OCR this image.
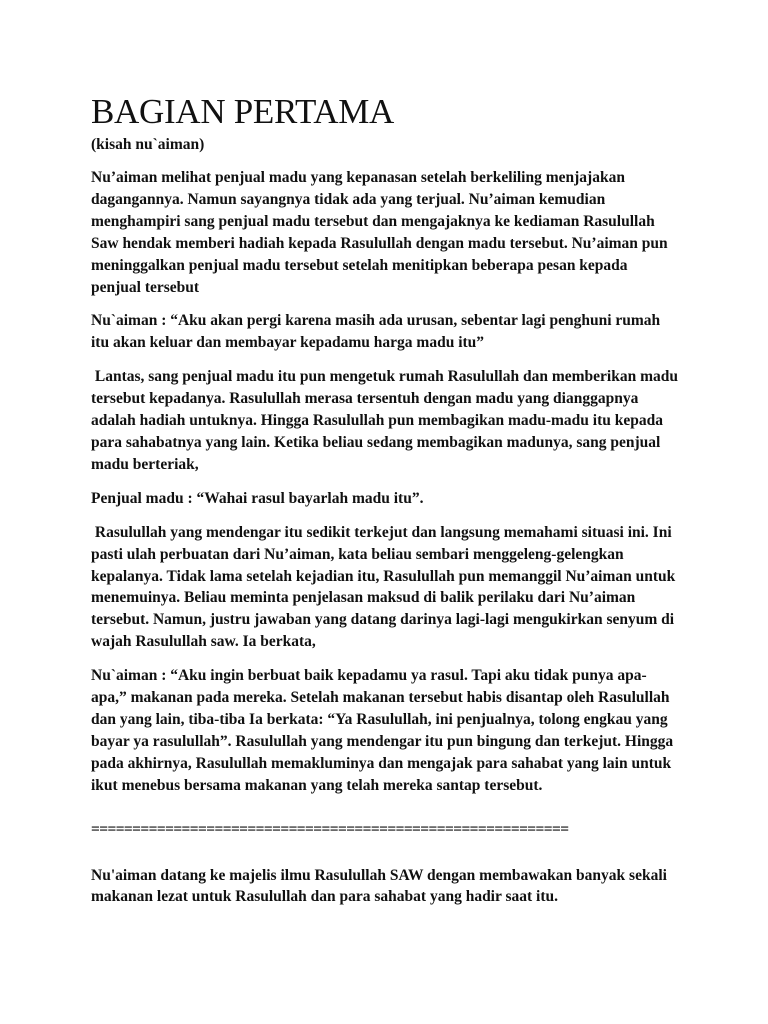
BAGIAN PERTAMA

(kisah nu`aiman)

Nu’aiman melihat penjual madu yang kepanasan setelah berkeliling menjajakan dagangannya. Namun sayangnya tidak ada yang terjual. Nu’aiman kemudian menghampiri sang penjual madu tersebut dan mengajaknya ke kediaman Rasulullah Saw hendak memberi hadiah kepada Rasulullah dengan madu tersebut. Nu’aiman pun meninggalkan penjual madu tersebut setelah menitipkan beberapa pesan kepada penjual tersebut

Nu`aiman : “Aku akan pergi karena masih ada urusan, sebentar lagi penghuni rumah itu akan keluar dan membayar kepadamu harga madu itu”

Lantas, sang penjual madu itu pun mengetuk rumah Rasulullah dan memberikan madu tersebut kepadanya. Rasulullah merasa tersentuh dengan madu yang dianggapnya adalah hadiah untuknya. Hingga Rasulullah pun membagikan madu-madu itu kepada para sahabatnya yang lain. Ketika beliau sedang membagikan madunya, sang penjual madu berteriak,

Penjual madu : “Wahai rasul bayarlah madu itu”.

Rasulullah yang mendengar itu sedikit terkejut dan langsung memahami situasi ini. Ini pasti ulah perbuatan dari Nu’aiman, kata beliau sembari menggeleng-gelengkan kepalanya. Tidak lama setelah kejadian itu, Rasulullah pun memanggil Nu’aiman untuk menemuinya. Beliau meminta penjelasan maksud di balik perilaku dari Nu’aiman tersebut. Namun, justru jawaban yang datang darinya lagi-lagi mengukirkan senyum di wajah Rasulullah saw. Ia berkata,

Nu`aiman : “Aku ingin berbuat baik kepadamu ya rasul. Tapi aku tidak punya apa-apa,” makanan pada mereka. Setelah makanan tersebut habis disantap oleh Rasulullah dan yang lain, tiba-tiba Ia berkata: “Ya Rasulullah, ini penjualnya, tolong engkau yang bayar ya rasulullah”. Rasulullah yang mendengar itu pun bingung dan terkejut. Hingga pada akhirnya, Rasulullah memakluminya dan mengajak para sahabat yang lain untuk ikut menebus bersama makanan yang telah mereka santap tersebut.

==========================================================

Nu'aiman datang ke majelis ilmu Rasulullah SAW dengan membawakan banyak sekali makanan lezat untuk Rasulullah dan para sahabat yang hadir saat itu.
